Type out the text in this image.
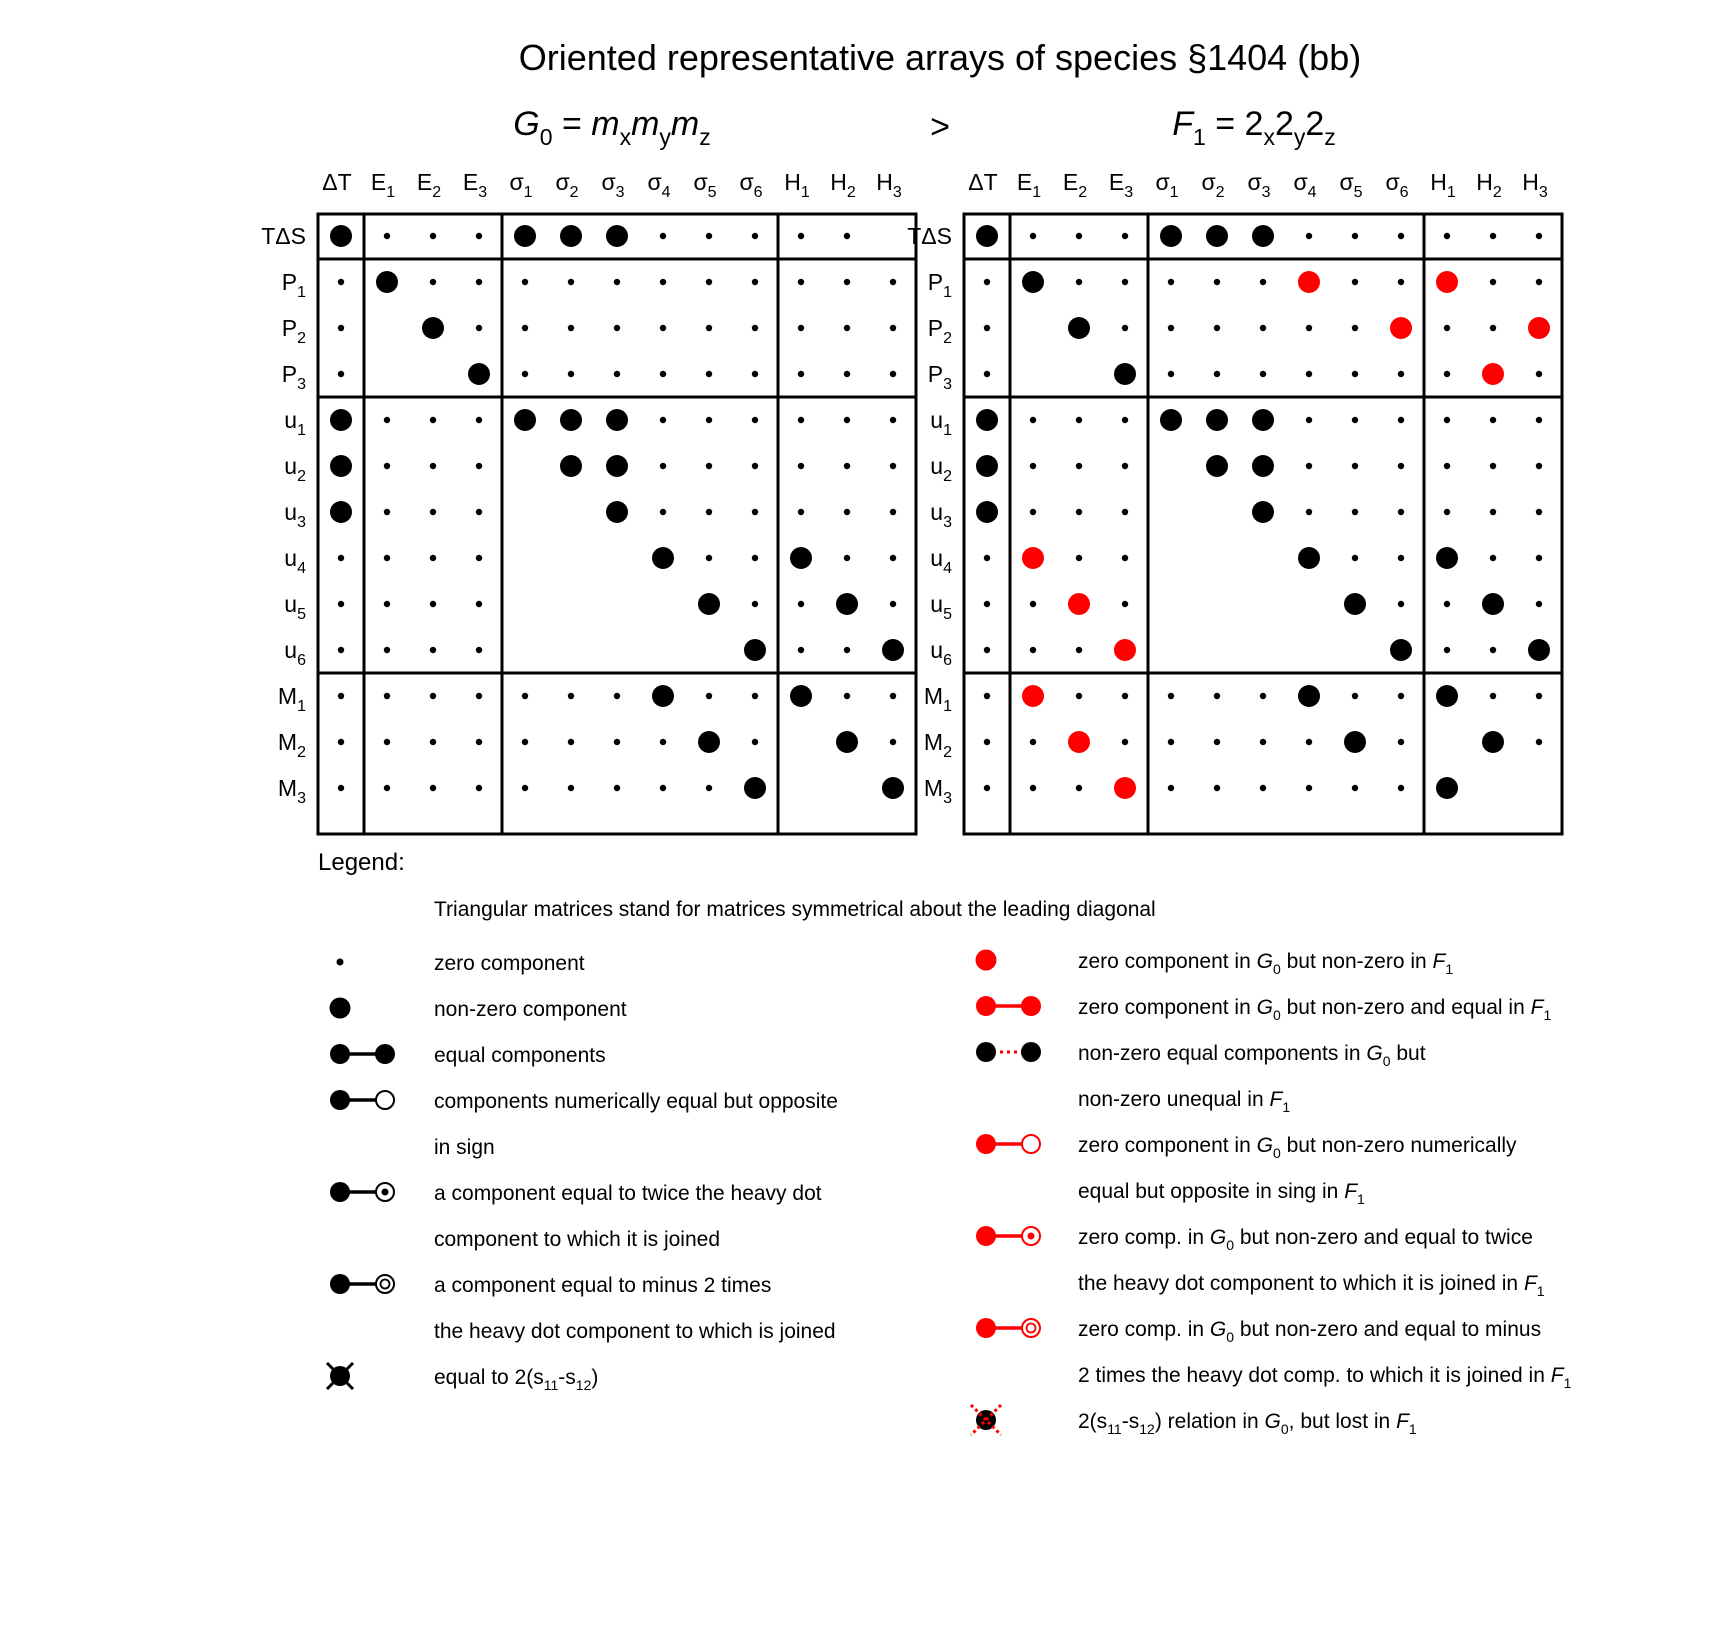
Oriented representative arrays of species §1404 (bb)
$G_0 = m_xm_ym_z$	>	$F_1 = 2_x2_y2_z$
ΔT $E_1$ $E_2$ $E_3$ $\sigma_1$ $\sigma_2$ $\sigma_3$ $\sigma_4$ $\sigma_5$ $\sigma_6$ $H_1$ $H_2$ $H_3$
TΔS
$P_1$
$P_2$
$P_3$
$u_1$
$u_2$
$u_3$
$u_4$
$u_5$
$u_6$
$M_1$
$M_2$
$M_3$
ΔT $E_1$ $E_2$ $E_3$ $\sigma_1$ $\sigma_2$ $\sigma_3$ $\sigma_4$ $\sigma_5$ $\sigma_6$ $H_1$ $H_2$ $H_3$
TΔS
$P_1$
$P_2$
$P_3$
$u_1$
$u_2$
$u_3$
$u_4$
$u_5$
$u_6$
$M_1$
$M_2$
$M_3$
Legend:
Triangular matrices stand for matrices symmetrical about the leading diagonal
zero component
non-zero component
equal components
components numerically equal but opposite
in sign
a component equal to twice the heavy dot
component to which it is joined
a component equal to minus 2 times
the heavy dot component to which is joined
equal to $2(s_{11}-s_{12})$
zero component in $G_0$ but non-zero in $F_1$
zero component in $G_0$ but non-zero and equal in $F_1$
non-zero equal components in $G_0$ but
non-zero unequal in $F_1$
zero component in $G_0$ but non-zero numerically
equal but opposite in sing in $F_1$
zero comp. in $G_0$ but non-zero and equal to twice
the heavy dot component to which it is joined in $F_1$
zero comp. in $G_0$ but non-zero and equal to minus
2 times the heavy dot comp. to which it is joined in $F_1$
$2(s_{11}-s_{12})$ relation in $G_0$, but lost in $F_1$
